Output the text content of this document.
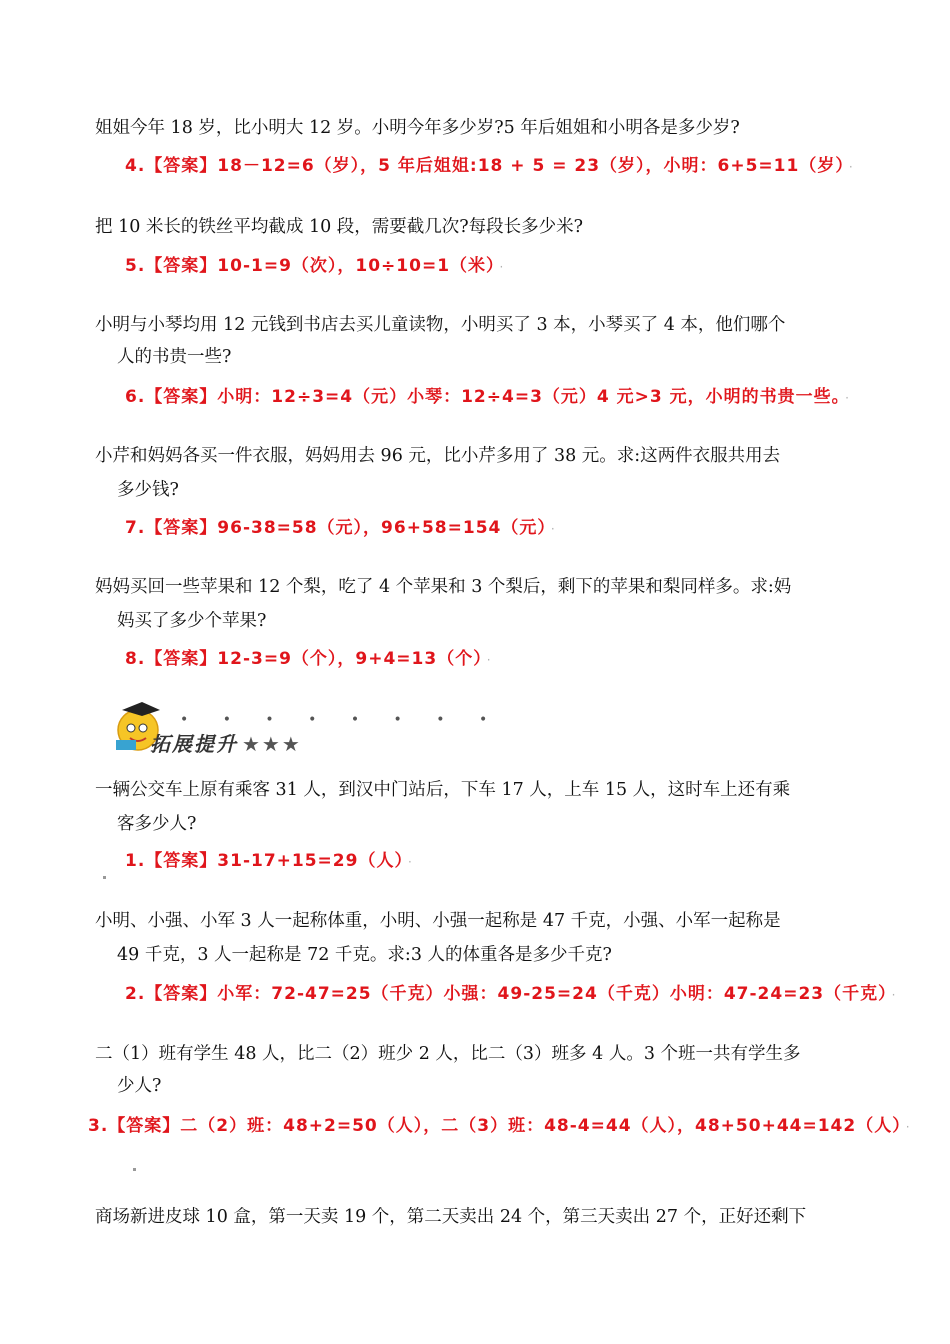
姐姐今年 18 岁，比小明大 12 岁。小明今年多少岁?5 年后姐姐和小明各是多少岁?
4.【答案】18－12=6（岁），5 年后姐姐:18 + 5 = 23（岁），小明：6+5=11（岁） ·
把 10 米长的铁丝平均截成 10 段，需要截几次?每段长多少米?
5.【答案】10-1=9（次），10÷10=1（米） ·
小明与小琴均用 12 元钱到书店去买儿童读物，小明买了 3 本，小琴买了 4 本，他们哪个
人的书贵一些?
6.【答案】小明：12÷3=4（元）小琴：12÷4=3（元）4 元>3 元，小明的书贵一些。 ·
小芹和妈妈各买一件衣服，妈妈用去 96 元，比小芹多用了 38 元。求:这两件衣服共用去
多少钱?
7.【答案】96-38=58（元），96+58=154（元） ·
妈妈买回一些苹果和 12 个梨，吃了 4 个苹果和 3 个梨后，剩下的苹果和梨同样多。求:妈
妈买了多少个苹果?
8.【答案】12-3=9（个），9+4=13（个） ·
• • • • • • • •
拓展提升 ★★★
一辆公交车上原有乘客 31 人，到汉中门站后，下车 17 人，上车 15 人，这时车上还有乘
客多少人?
1.【答案】31-17+15=29（人） ·
小明、小强、小军 3 人一起称体重，小明、小强一起称是 47 千克，小强、小军一起称是
49 千克，3 人一起称是 72 千克。求:3 人的体重各是多少千克?
2.【答案】小军：72-47=25（千克）小强：49-25=24（千克）小明：47-24=23（千克） ·
二（1）班有学生 48 人，比二（2）班少 2 人，比二（3）班多 4 人。3 个班一共有学生多
少人?
3.【答案】二（2）班：48+2=50（人），二（3）班：48-4=44（人），48+50+44=142（人） ·
商场新进皮球 10 盒，第一天卖 19 个，第二天卖出 24 个，第三天卖出 27 个，正好还剩下
